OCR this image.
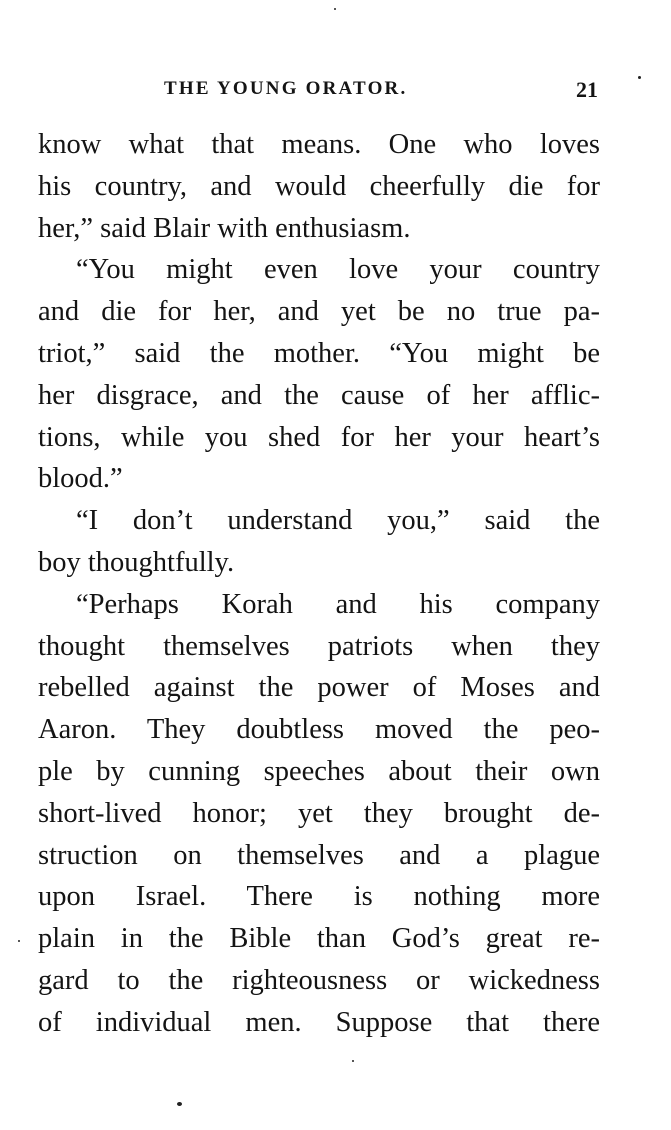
THE YOUNG ORATOR.	21
know what that means. One who loves
his country, and would cheerfully die for
her,” said Blair with enthusiasm.
“You might even love your country
and die for her, and yet be no true pa-
triot,” said the mother. “You might be
her disgrace, and the cause of her afflic-
tions, while you shed for her your heart’s
blood.”
“I don’t understand you,” said the
boy thoughtfully.
“Perhaps Korah and his company
thought themselves patriots when they
rebelled against the power of Moses and
Aaron. They doubtless moved the peo-
ple by cunning speeches about their own
short-lived honor; yet they brought de-
struction on themselves and a plague
upon Israel. There is nothing more
plain in the Bible than God’s great re-
gard to the righteousness or wickedness
of individual men. Suppose that there
